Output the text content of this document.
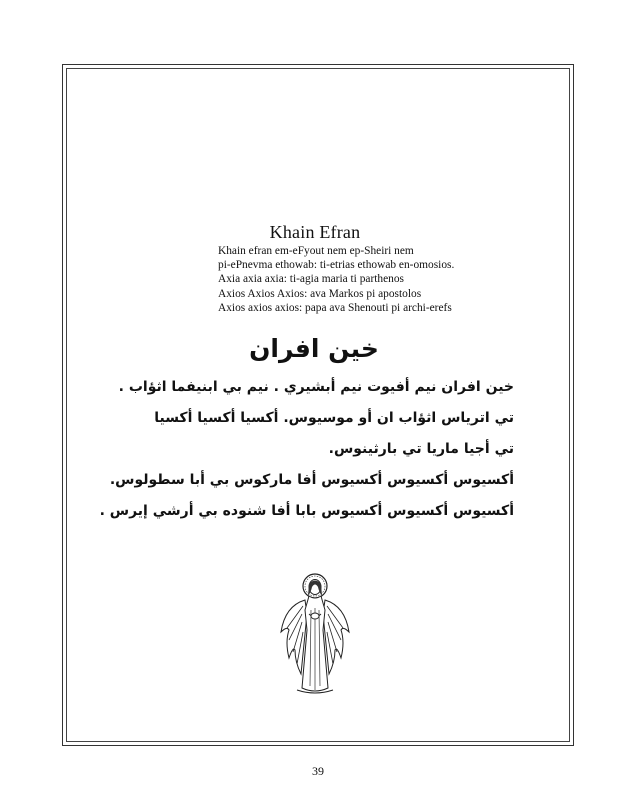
Khain Efran
Khain efran em-eFyout nem ep-Sheiri nem
pi-ePnevma ethowab: ti-etrias ethowab en-omosios.
Axia axia axia: ti-agia maria ti parthenos
Axios Axios Axios: ava Markos pi apostolos
Axios axios axios: papa ava Shenouti pi archi-erefs
خين افران
خين افران نيم أفيوت نيم أبشيري . نيم بي ابنيفما اثؤاب .
تي اترياس اثؤاب ان أو موسيوس. أكسيا أكسيا أكسيا
تي أجيا ماريا تي بارثينوس.
أكسيوس أكسيوس أكسيوس أفا ماركوس بي أبا سطولوس.
أكسيوس أكسيوس أكسيوس بابا أفا شنوده بي أرشي إيرس .
39
